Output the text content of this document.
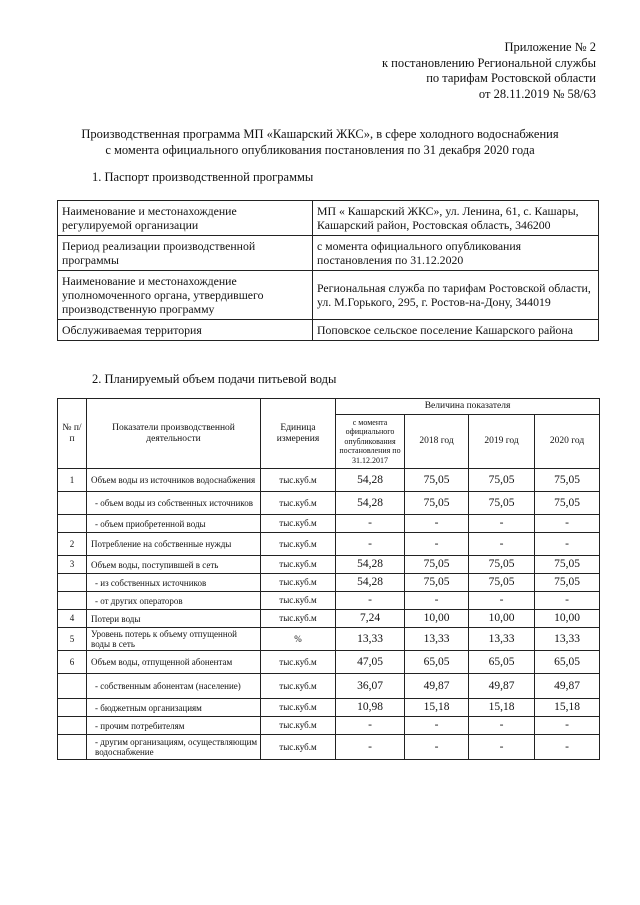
Приложение № 2
к постановлению Региональной службы
по тарифам Ростовской области
от 28.11.2019 № 58/63
Производственная программа МП «Кашарский ЖКС», в сфере холодного водоснабжения
с момента официального опубликования постановления по 31 декабря 2020 года
1. Паспорт производственной программы
Наименование и местонахождение регулируемой организации	МП « Кашарский ЖКС», ул. Ленина, 61, с. Кашары, Кашарский район, Ростовская область, 346200
Период реализации производственной программы	с момента официального опубликования постановления по 31.12.2020
Наименование и местонахождение уполномоченного органа, утвердившего производственную программу	Региональная служба по тарифам Ростовской области, ул. М.Горького, 295, г. Ростов-на-Дону, 344019
Обслуживаемая территория	Поповское сельское поселение Кашарского района
2. Планируемый объем подачи питьевой воды
№ п/п	Показатели производственной деятельности	Единица измерения	Величина показателя			
			с момента официального опубликования постановления по 31.12.2017	2018 год	2019 год	2020 год
1	Объем воды из источников водоснабжения	тыс.куб.м	54,28	75,05	75,05	75,05
	- объем воды из собственных источников	тыс.куб.м	54,28	75,05	75,05	75,05
	- объем приобретенной воды	тыс.куб.м	-	-	-	-
2	Потребление на собственные нужды	тыс.куб.м	-	-	-	-
3	Объем воды, поступившей в сеть	тыс.куб.м	54,28	75,05	75,05	75,05
	- из собственных источников	тыс.куб.м	54,28	75,05	75,05	75,05
	- от других операторов	тыс.куб.м	-	-	-	-
4	Потери воды	тыс.куб.м	7,24	10,00	10,00	10,00
5	Уровень потерь к объему отпущенной воды в сеть	%	13,33	13,33	13,33	13,33
6	Объем воды, отпущенной абонентам	тыс.куб.м	47,05	65,05	65,05	65,05
	- собственным абонентам (население)	тыс.куб.м	36,07	49,87	49,87	49,87
	- бюджетным организациям	тыс.куб.м	10,98	15,18	15,18	15,18
	- прочим потребителям	тыс.куб.м	-	-	-	-
	- другим организациям, осуществляющим водоснабжение	тыс.куб.м	-	-	-	-
